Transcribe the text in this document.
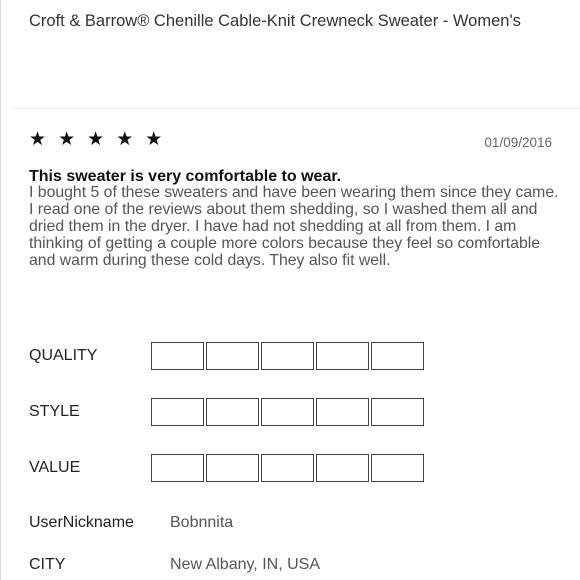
Croft & Barrow® Chenille Cable-Knit Crewneck Sweater - Women's
★ ★ ★ ★ ★	01/09/2016
This sweater is very comfortable to wear.
I bought 5 of these sweaters and have been wearing them since they came. I read one of the reviews about them shedding, so I washed them all and dried them in the dryer. I have had not shedding at all from them. I am thinking of getting a couple more colors because they feel so comfortable and warm during these cold days. They also fit well.
QUALITY
STYLE
VALUE
UserNickname	Bobnnita
CITY	New Albany, IN, USA
